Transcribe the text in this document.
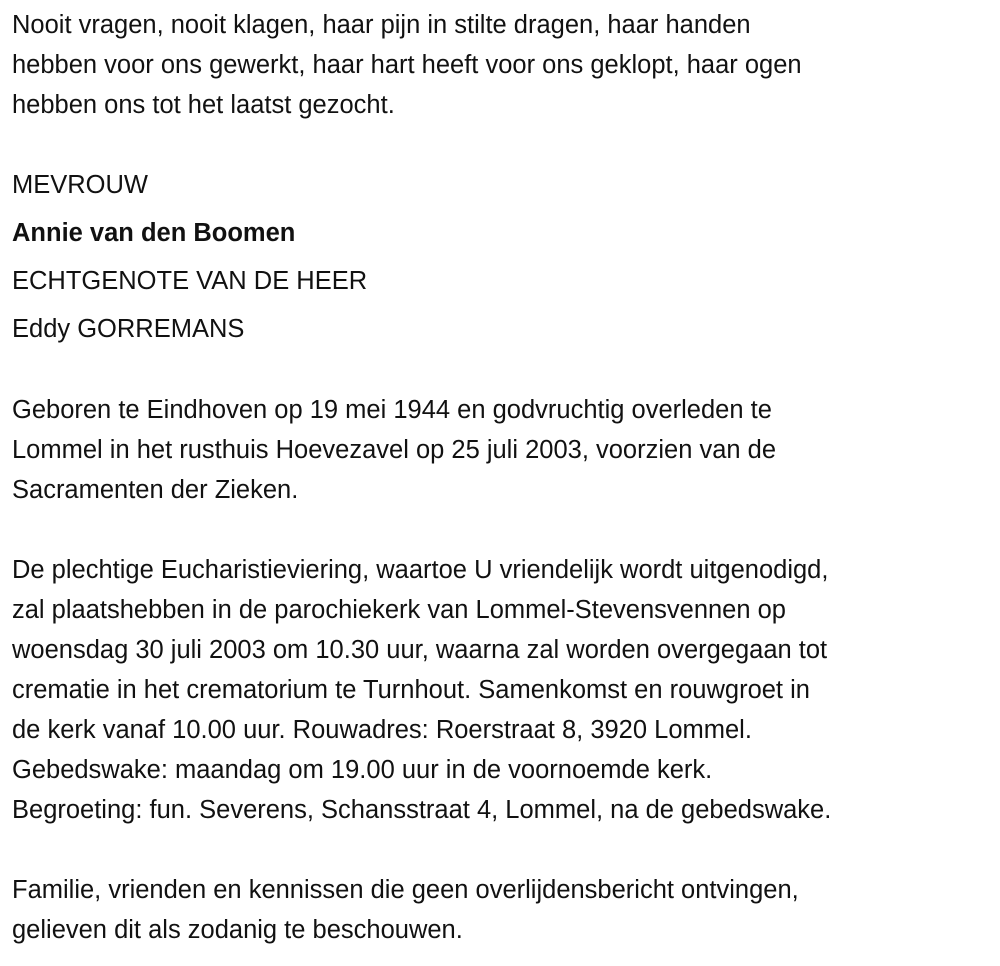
Nooit vragen, nooit klagen, haar pijn in stilte dragen, haar handen
hebben voor ons gewerkt, haar hart heeft voor ons geklopt, haar ogen
hebben ons tot het laatst gezocht.
MEVROUW
Annie van den Boomen
ECHTGENOTE VAN DE HEER
Eddy GORREMANS
Geboren te Eindhoven op 19 mei 1944 en godvruchtig overleden te
Lommel in het rusthuis Hoevezavel op 25 juli 2003, voorzien van de
Sacramenten der Zieken.
De plechtige Eucharistieviering, waartoe U vriendelijk wordt uitgenodigd,
zal plaatshebben in de parochiekerk van Lommel-Stevensvennen op
woensdag 30 juli 2003 om 10.30 uur, waarna zal worden overgegaan tot
crematie in het crematorium te Turnhout. Samenkomst en rouwgroet in
de kerk vanaf 10.00 uur. Rouwadres: Roerstraat 8, 3920 Lommel.
Gebedswake: maandag om 19.00 uur in de voornoemde kerk.
Begroeting: fun. Severens, Schansstraat 4, Lommel, na de gebedswake.
Familie, vrienden en kennissen die geen overlijdensbericht ontvingen,
gelieven dit als zodanig te beschouwen.
